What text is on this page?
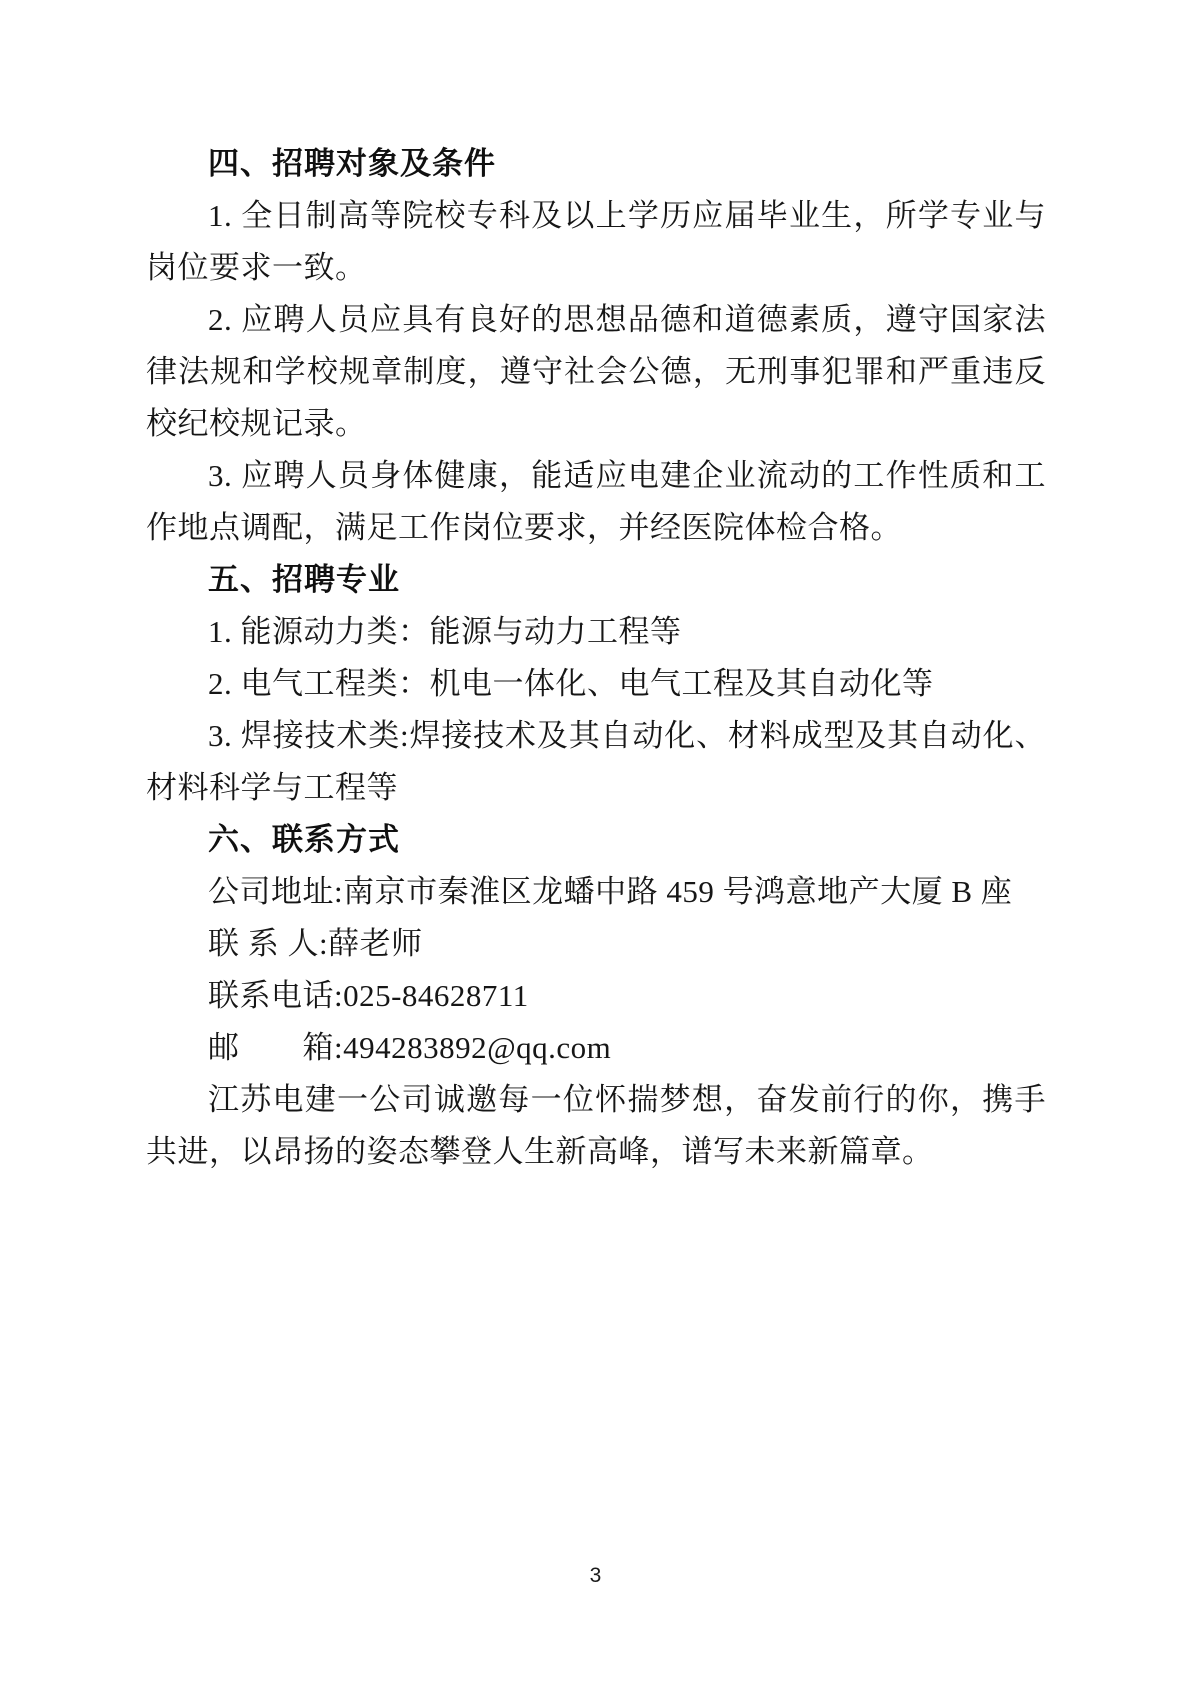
四、招聘对象及条件

1. 全日制高等院校专科及以上学历应届毕业生，所学专业与岗位要求一致。

2. 应聘人员应具有良好的思想品德和道德素质，遵守国家法律法规和学校规章制度，遵守社会公德，无刑事犯罪和严重违反校纪校规记录。

3. 应聘人员身体健康，能适应电建企业流动的工作性质和工作地点调配，满足工作岗位要求，并经医院体检合格。

五、招聘专业

1. 能源动力类：能源与动力工程等

2. 电气工程类：机电一体化、电气工程及其自动化等

3. 焊接技术类:焊接技术及其自动化、材料成型及其自动化、材料科学与工程等

六、联系方式

公司地址:南京市秦淮区龙蟠中路 459 号鸿意地产大厦 B 座

联 系 人:薛老师

联系电话:025-84628711

邮　　箱:494283892@qq.com

江苏电建一公司诚邀每一位怀揣梦想，奋发前行的你，携手共进，以昂扬的姿态攀登人生新高峰，谱写未来新篇章。

3
